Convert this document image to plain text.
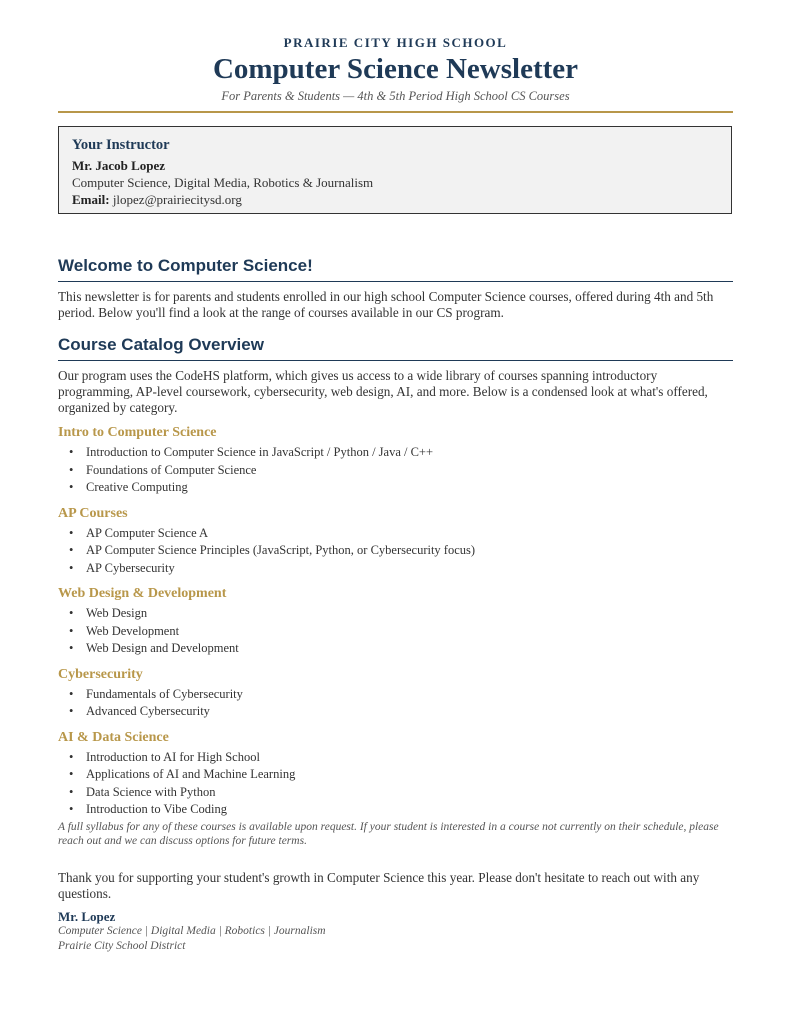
PRAIRIE CITY HIGH SCHOOL
Computer Science Newsletter
For Parents & Students — 4th & 5th Period High School CS Courses
Your Instructor
Mr. Jacob Lopez
Computer Science, Digital Media, Robotics & Journalism
Email: jlopez@prairiecitysd.org
Welcome to Computer Science!

This newsletter is for parents and students enrolled in our high school Computer Science courses, offered during 4th and 5th period. Below you'll find a look at the range of courses available in our CS program.

Course Catalog Overview

Our program uses the CodeHS platform, which gives us access to a wide library of courses spanning introductory programming, AP-level coursework, cybersecurity, web design, AI, and more. Below is a condensed look at what's offered, organized by category.

Intro to Computer Science
• Introduction to Computer Science in JavaScript / Python / Java / C++
• Foundations of Computer Science
• Creative Computing
AP Courses
• AP Computer Science A
• AP Computer Science Principles (JavaScript, Python, or Cybersecurity focus)
• AP Cybersecurity
Web Design & Development
• Web Design
• Web Development
• Web Design and Development
Cybersecurity
• Fundamentals of Cybersecurity
• Advanced Cybersecurity
AI & Data Science
• Introduction to AI for High School
• Applications of AI and Machine Learning
• Data Science with Python
• Introduction to Vibe Coding
A full syllabus for any of these courses is available upon request. If your student is interested in a course not currently on their schedule, please reach out and we can discuss options for future terms.
Thank you for supporting your student's growth in Computer Science this year. Please don't hesitate to reach out with any questions.
Mr. Lopez
Computer Science | Digital Media | Robotics | Journalism
Prairie City School District
